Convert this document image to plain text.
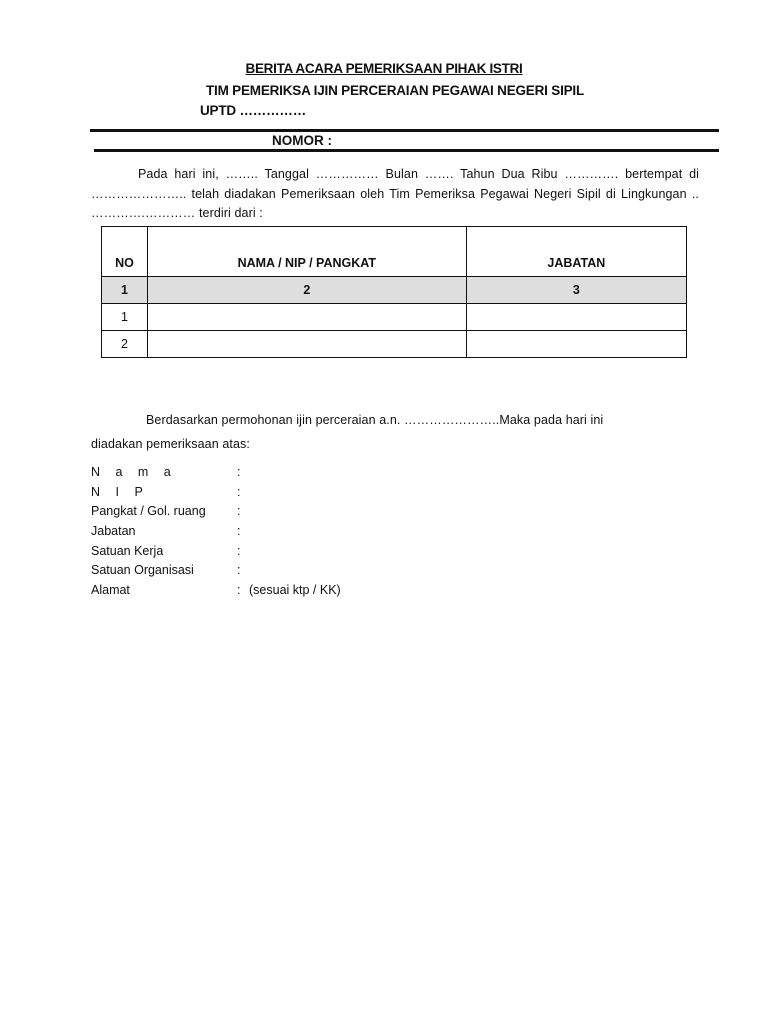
BERITA ACARA PEMERIKSAAN PIHAK ISTRI
TIM PEMERIKSA IJIN PERCERAIAN PEGAWAI NEGERI SIPIL
UPTD ……………
NOMOR :
Pada hari ini, …….. Tanggal …………… Bulan ……. Tahun Dua Ribu …………. bertempat di ………………….. telah diadakan Pemeriksaan oleh Tim Pemeriksa Pegawai Negeri Sipil di Lingkungan .. ………….………… terdiri dari :
NO	NAMA / NIP / PANGKAT	JABATAN
1	2	3
1		
2		
Berdasarkan permohonan ijin perceraian a.n. …………………..Maka pada hari ini
diadakan pemeriksaan atas:
N a m a	:
N I P	:
Pangkat / Gol. ruang	:
Jabatan	:
Satuan Kerja	:
Satuan Organisasi	:
Alamat	: (sesuai ktp / KK)
